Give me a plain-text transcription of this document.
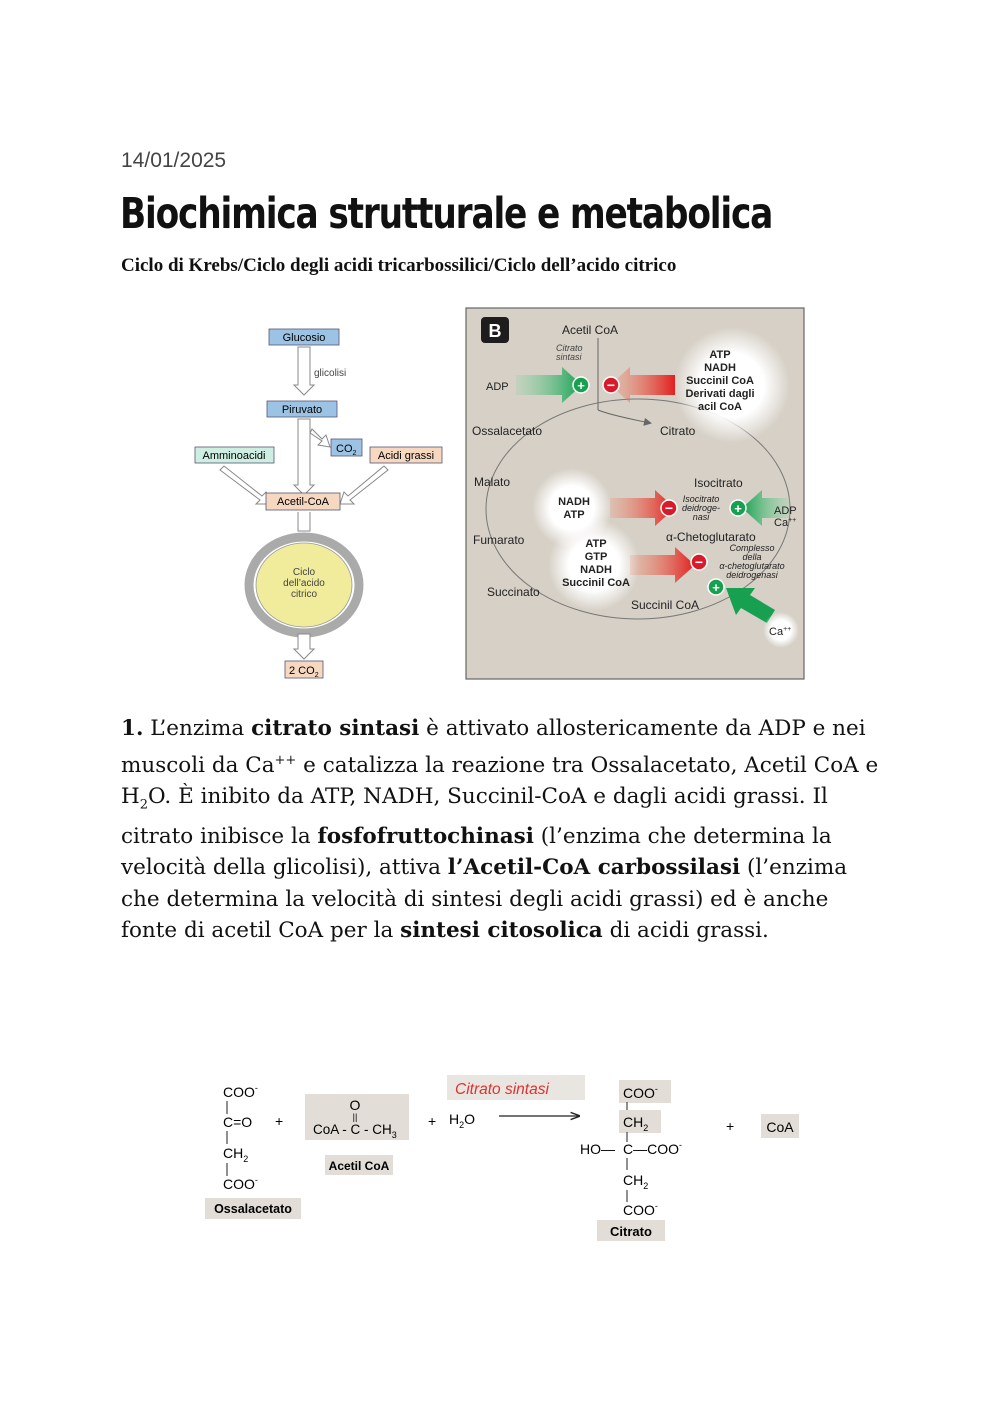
14/01/2025
Biochimica strutturale e metabolica
Ciclo di Krebs/Ciclo degli acidi tricarbossilici/Ciclo dell’acido citrico
Glucosio
glicolisi
Piruvato
$CO_2$
Amminoacidi	Acidi grassi
Acetil-CoA
Ciclo
dell’acido
citrico
2 $CO_2$
B	Acetil CoA
Citrato
sintasi
ADP	+ −
ATP
NADH
Succinil CoA
Derivati dagli
acil CoA
Ossalacetato	Citrato
Malato	Isocitrato
NADH
ATP	−
Isocitrato
deidroge-
nasi
+	ADP
Ca++
Fumarato	α-Chetoglutarato
Complesso
della
α-chetoglutarato
deidrogenasi
ATP
GTP
NADH
Succinil CoA
−
+
Succinato
Succinil CoA
Ca++

1. L’enzima citrato sintasi è attivato allostericamente da ADP e nei muscoli da Ca++ e catalizza la reazione tra Ossalacetato, Acetil CoA e $H_2O$. È inibito da ATP, NADH, Succinil-CoA e dagli acidi grassi. Il citrato inibisce la fosfofruttochinasi (l’enzima che determina la velocità della glicolisi), attiva l’Acetil-CoA carbossilasi (l’enzima che determina la velocità di sintesi degli acidi grassi) ed è anche fonte di acetil CoA per la sintesi citosolica di acidi grassi.

COO-
C=O
$CH_2$
COO-
Ossalacetato
+
O
||
CoA - C - $CH_3$
Acetil CoA
+ $H_2O$
Citrato sintasi	COO-
$CH_2$
HO— C—COO-
$CH_2$
COO-
Citrato
+ CoA
